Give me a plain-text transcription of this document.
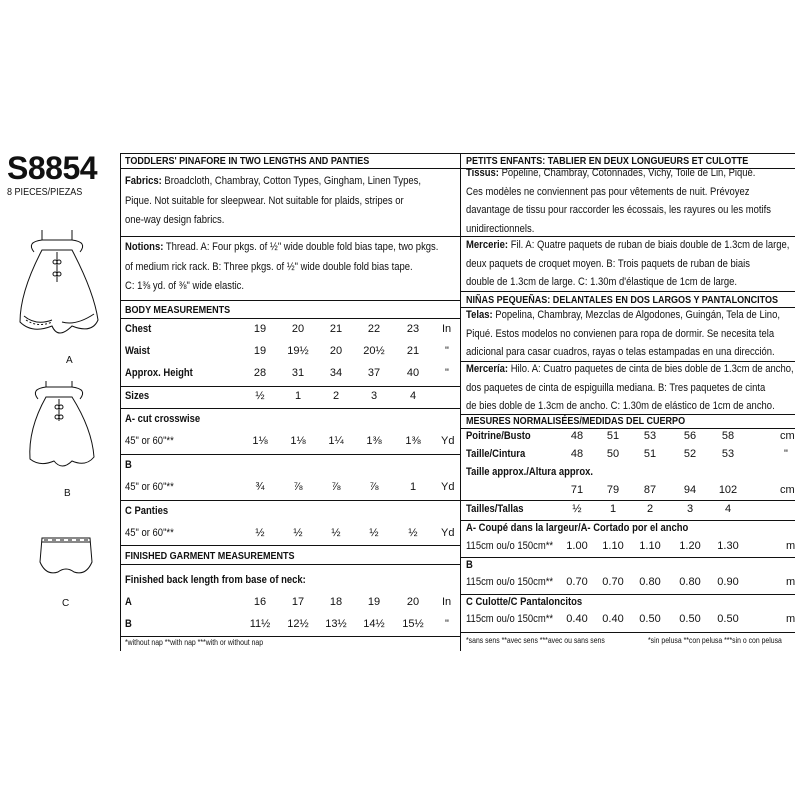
S8854
8 PIECES/PIEZAS
A
B
C
TODDLERS' PINAFORE IN TWO LENGTHS AND PANTIES
Fabrics: Broadcloth, Chambray, Cotton Types, Gingham, Linen Types,
Pique. Not suitable for sleepwear. Not suitable for plaids, stripes or
one-way design fabrics.
Notions: Thread. A: Four pkgs. of ½" wide double fold bias tape, two pkgs.
of medium rick rack. B: Three pkgs. of ½" wide double fold bias tape.
C: 1⅜ yd. of ⅜" wide elastic.
BODY MEASUREMENTS
Chest	19	20	21	22	23	In
Waist	19	19½	20	20½	21	"
Approx. Height	28	31	34	37	40	"
Sizes	½	1	2	3	4
A- cut crosswise
45" or 60"**	1⅛	1⅛	1¼	1⅜	1⅜	Yd
B
45" or 60"**	¾	⅞	⅞	⅞	1	Yd
C Panties
45" or 60"**	½	½	½	½	½	Yd
FINISHED GARMENT MEASUREMENTS
Finished back length from base of neck:
A	16	17	18	19	20	In
B	11½	12½	13½	14½	15½	"
*without nap **with nap ***with or without nap
PETITS ENFANTS: TABLIER EN DEUX LONGUEURS ET CULOTTE
Tissus: Popeline, Chambray, Cotonnades, Vichy, Toile de Lin, Piqué.
Ces modèles ne conviennent pas pour vêtements de nuit. Prévoyez
davantage de tissu pour raccorder les écossais, les rayures ou les motifs
unidirectionnels.
Mercerie: Fil. A: Quatre paquets de ruban de biais double de 1.3cm de large,
deux paquets de croquet moyen. B: Trois paquets de ruban de biais
double de 1.3cm de large. C: 1.30m d'élastique de 1cm de large.
NIÑAS PEQUEÑAS: DELANTALES EN DOS LARGOS Y PANTALONCITOS
Telas: Popelina, Chambray, Mezclas de Algodones, Guingán, Tela de Lino,
Piqué. Estos modelos no convienen para ropa de dormir. Se necesita tela
adicional para casar cuadros, rayas o telas estampadas en una dirección.
Mercería: Hilo. A: Cuatro paquetes de cinta de bies doble de 1.3cm de ancho,
dos paquetes de cinta de espiguilla mediana. B: Tres paquetes de cinta
de bies doble de 1.3cm de ancho. C: 1.30m de elástico de 1cm de ancho.
MESURES NORMALISÉES/MEDIDAS DEL CUERPO
Poitrine/Busto	48	51	53	56	58	cm
Taille/Cintura	48	50	51	52	53	"
Taille approx./Altura approx.
71	79	87	94	102	cm
Tailles/Tallas	½	1	2	3	4
A- Coupé dans la largeur/A- Cortado por el ancho
115cm ou/o 150cm**	1.00	1.10	1.10	1.20	1.30	m
B
115cm ou/o 150cm**	0.70	0.70	0.80	0.80	0.90	m
C Culotte/C Pantaloncitos
115cm ou/o 150cm**	0.40	0.40	0.50	0.50	0.50	m
*sans sens **avec sens ***avec ou sans sens	*sin pelusa **con pelusa ***sin o con pelusa
